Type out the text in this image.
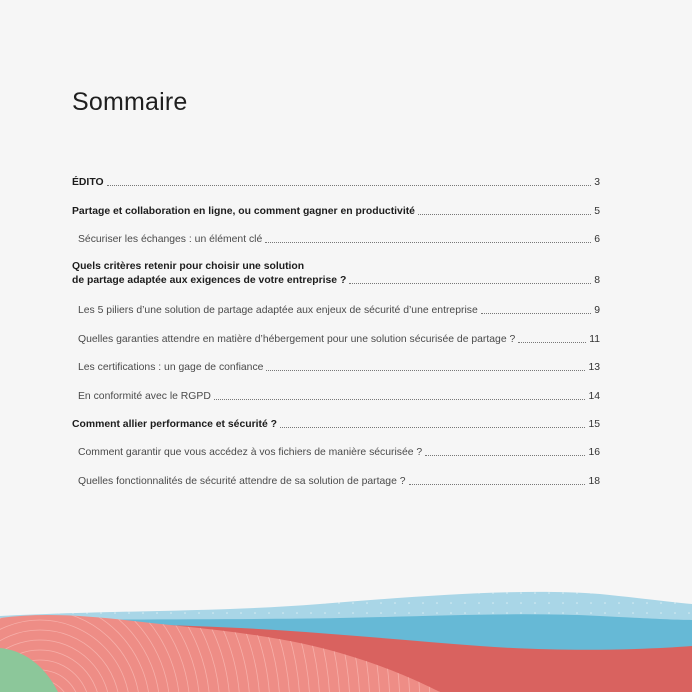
Sommaire
ÉDITO	3
Partage et collaboration en ligne, ou comment gagner en productivité	5
Sécuriser les échanges : un élément clé	6
Quels critères retenir pour choisir une solution
de partage adaptée aux exigences de votre entreprise ?	8
Les 5 piliers d’une solution de partage adaptée aux enjeux de sécurité d’une entreprise	9
Quelles garanties attendre en matière d’hébergement pour une solution sécurisée de partage ?	11
Les certifications : un gage de confiance	13
En conformité avec le RGPD	14
Comment allier performance et sécurité ?	15
Comment garantir que vous accédez à vos fichiers de manière sécurisée ?	16
Quelles fonctionnalités de sécurité attendre de sa solution de partage ?	18
